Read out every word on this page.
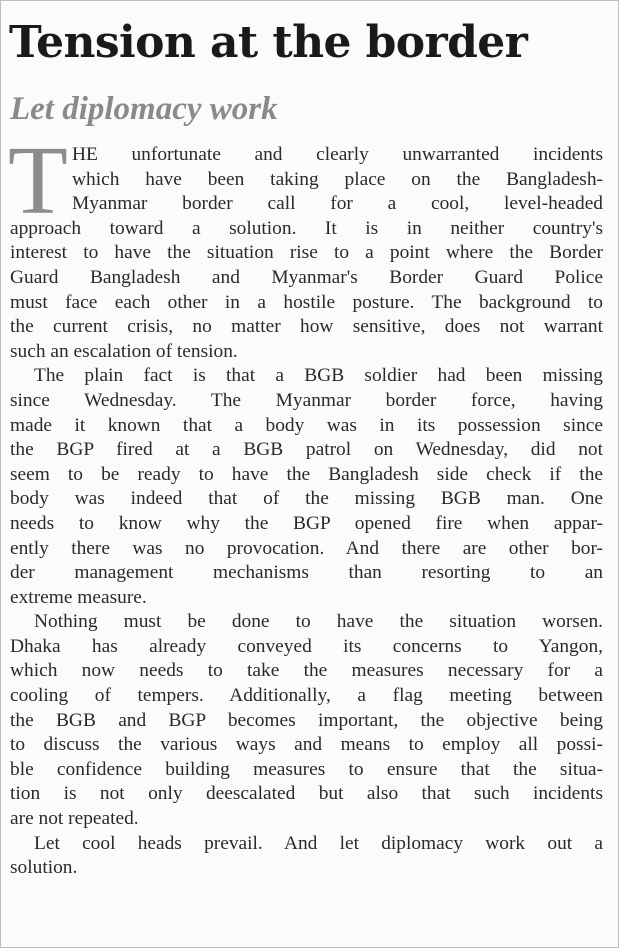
Tension at the border
Let diplomacy work
T HE unfortunate and clearly unwarranted incidents
which have been taking place on the Bangladesh-
Myanmar border call for a cool, level-headed
approach toward a solution. It is in neither country's
interest to have the situation rise to a point where the Border
Guard Bangladesh and Myanmar's Border Guard Police
must face each other in a hostile posture. The background to
the current crisis, no matter how sensitive, does not warrant
such an escalation of tension.
The plain fact is that a BGB soldier had been missing
since Wednesday. The Myanmar border force, having
made it known that a body was in its possession since
the BGP fired at a BGB patrol on Wednesday, did not
seem to be ready to have the Bangladesh side check if the
body was indeed that of the missing BGB man. One
needs to know why the BGP opened fire when appar-
ently there was no provocation. And there are other bor-
der management mechanisms than resorting to an
extreme measure.
Nothing must be done to have the situation worsen.
Dhaka has already conveyed its concerns to Yangon,
which now needs to take the measures necessary for a
cooling of tempers. Additionally, a flag meeting between
the BGB and BGP becomes important, the objective being
to discuss the various ways and means to employ all possi-
ble confidence building measures to ensure that the situa-
tion is not only deescalated but also that such incidents
are not repeated.
Let cool heads prevail. And let diplomacy work out a
solution.
